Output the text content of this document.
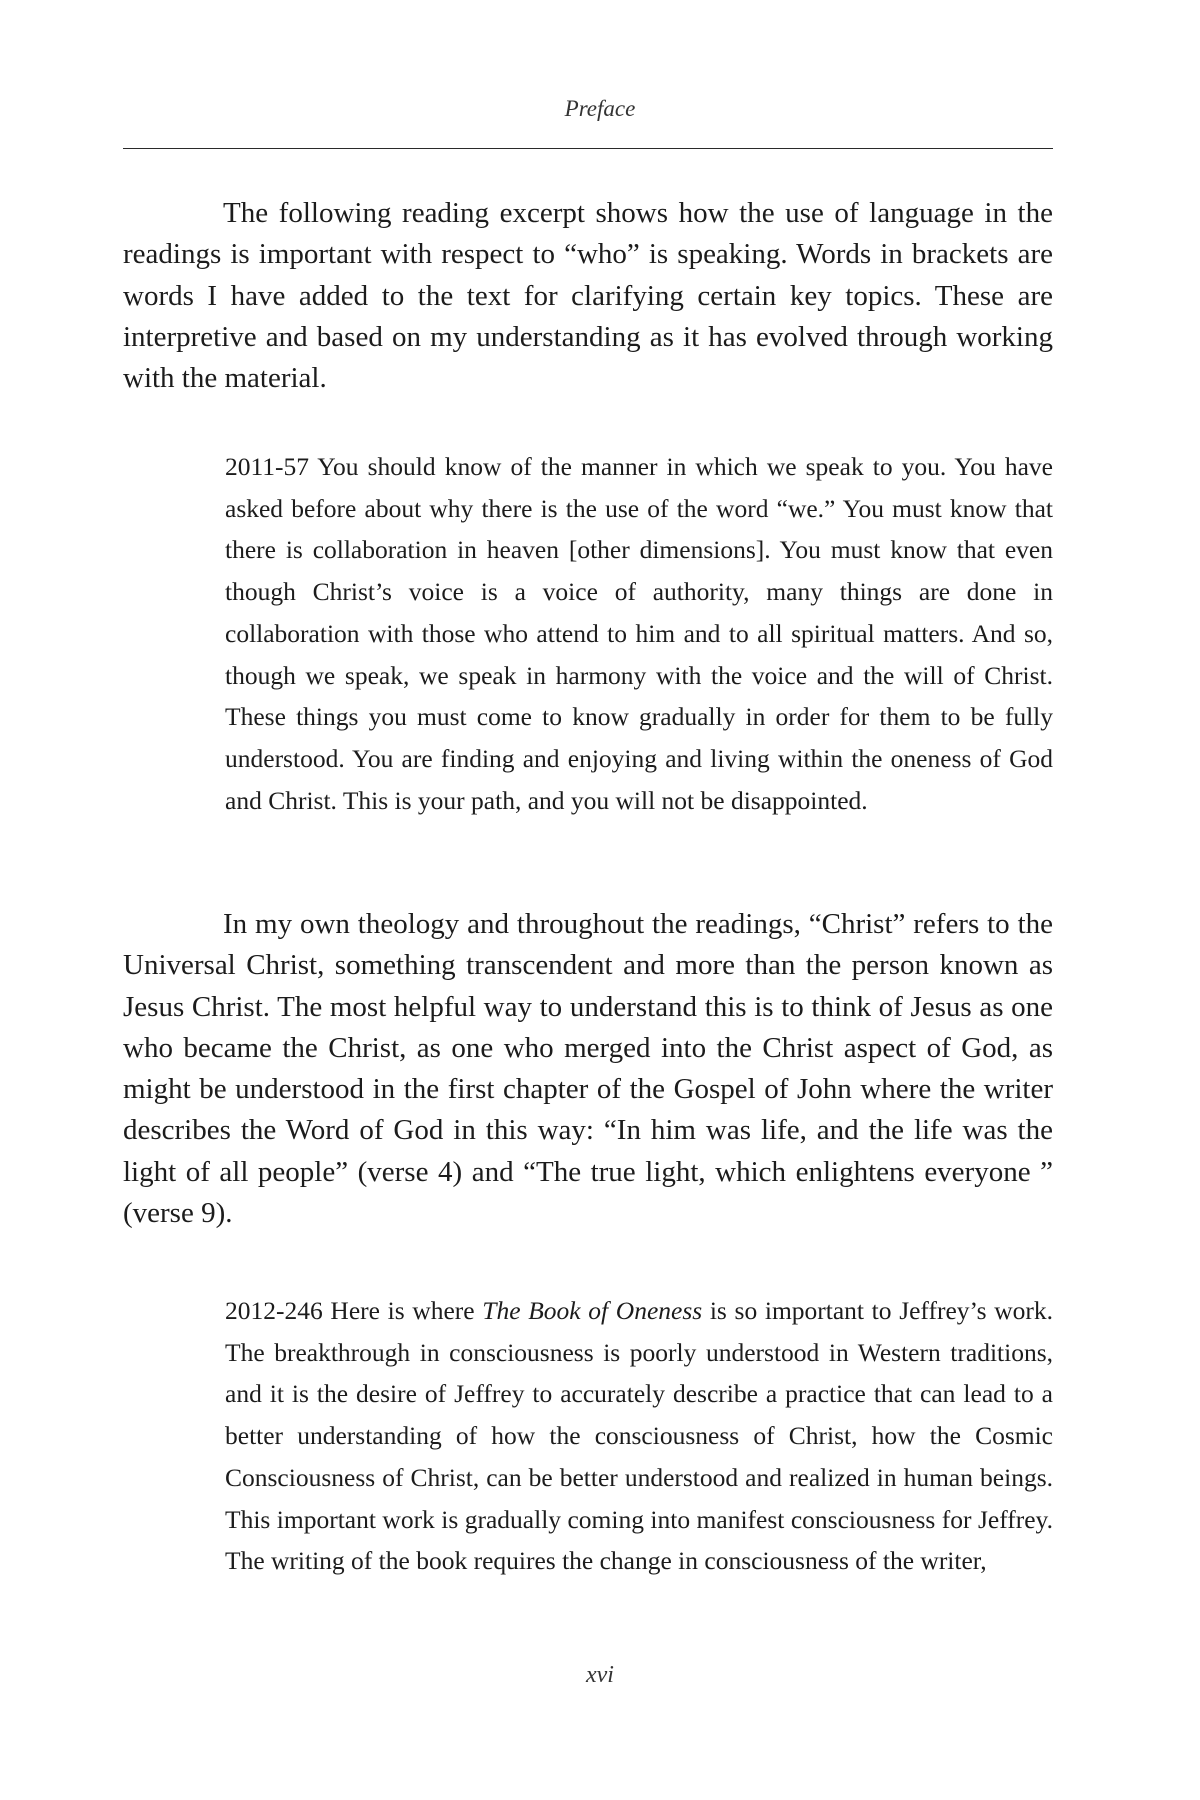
Preface

The following reading excerpt shows how the use of language in the readings is important with respect to “who” is speaking. Words in brackets are words I have added to the text for clarifying certain key topics. These are interpretive and based on my understanding as it has evolved through working with the material.

2011-57 You should know of the manner in which we speak to you. You have asked before about why there is the use of the word “we.” You must know that there is collaboration in heaven [other dimensions]. You must know that even though Christ’s voice is a voice of authority, many things are done in collaboration with those who attend to him and to all spiritual matters. And so, though we speak, we speak in harmony with the voice and the will of Christ. These things you must come to know gradually in order for them to be fully understood. You are finding and enjoying and living within the oneness of God and Christ. This is your path, and you will not be disappointed.

In my own theology and throughout the readings, “Christ” refers to the Universal Christ, something transcendent and more than the person known as Jesus Christ. The most helpful way to understand this is to think of Jesus as one who became the Christ, as one who merged into the Christ aspect of God, as might be understood in the first chapter of the Gospel of John where the writer describes the Word of God in this way: “In him was life, and the life was the light of all people” (verse 4) and “The true light, which enlightens everyone ” (verse 9).

2012-246 Here is where The Book of Oneness is so important to Jeffrey’s work. The breakthrough in consciousness is poorly understood in Western traditions, and it is the desire of Jeffrey to accurately describe a practice that can lead to a better understanding of how the consciousness of Christ, how the Cosmic Consciousness of Christ, can be better understood and realized in human beings. This important work is gradually coming into manifest consciousness for Jeffrey. The writing of the book requires the change in consciousness of the writer,

xvi
